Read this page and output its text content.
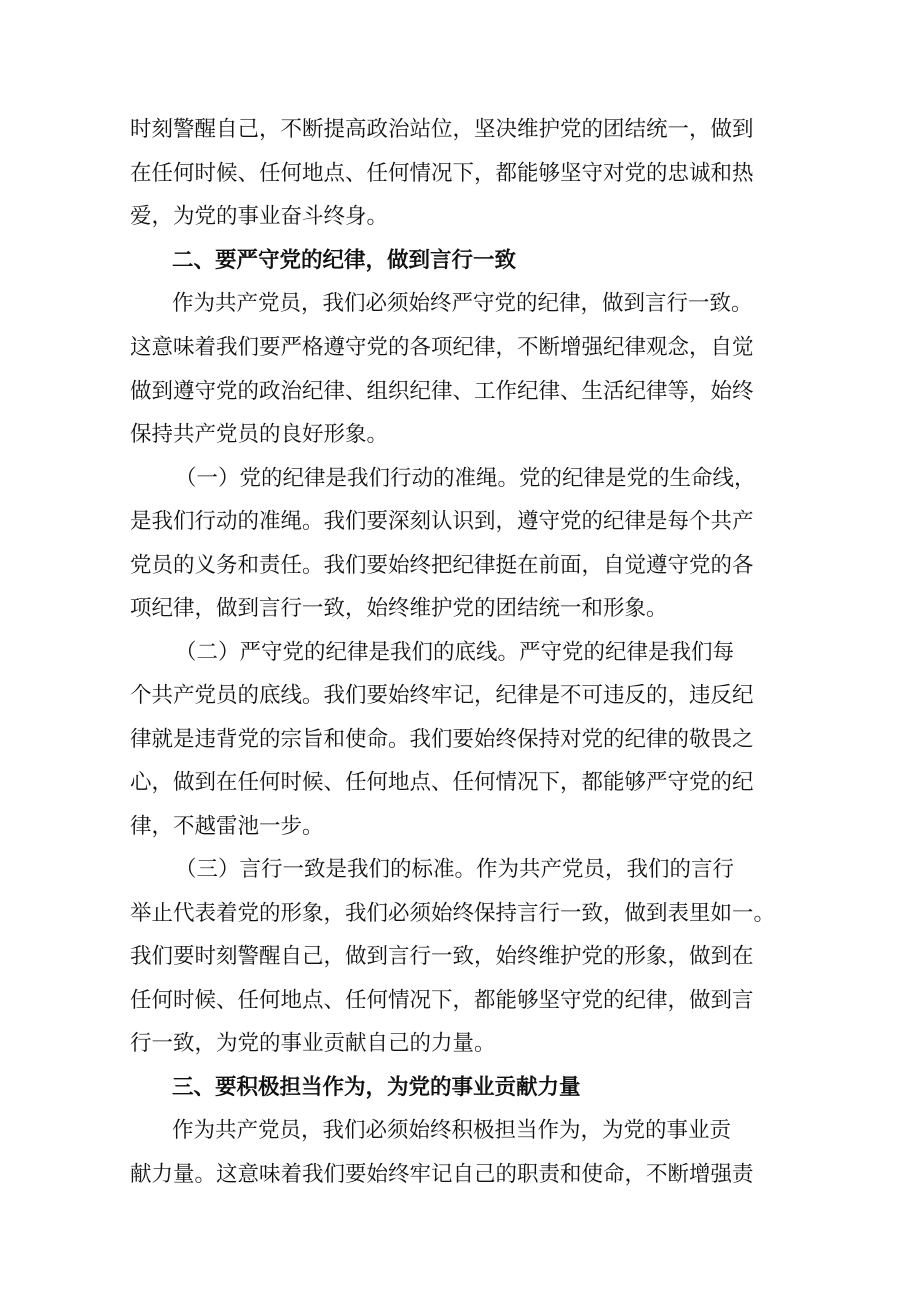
时刻警醒自己，不断提高政治站位，坚决维护党的团结统一，做到
在任何时候、任何地点、任何情况下，都能够坚守对党的忠诚和热
爱，为党的事业奋斗终身。
二、要严守党的纪律，做到言行一致
作为共产党员，我们必须始终严守党的纪律，做到言行一致。
这意味着我们要严格遵守党的各项纪律，不断增强纪律观念，自觉
做到遵守党的政治纪律、组织纪律、工作纪律、生活纪律等，始终
保持共产党员的良好形象。
（一）党的纪律是我们行动的准绳。党的纪律是党的生命线，
是我们行动的准绳。我们要深刻认识到，遵守党的纪律是每个共产
党员的义务和责任。我们要始终把纪律挺在前面，自觉遵守党的各
项纪律，做到言行一致，始终维护党的团结统一和形象。
（二）严守党的纪律是我们的底线。严守党的纪律是我们每
个共产党员的底线。我们要始终牢记，纪律是不可违反的，违反纪
律就是违背党的宗旨和使命。我们要始终保持对党的纪律的敬畏之
心，做到在任何时候、任何地点、任何情况下，都能够严守党的纪
律，不越雷池一步。
（三）言行一致是我们的标准。作为共产党员，我们的言行
举止代表着党的形象，我们必须始终保持言行一致，做到表里如一。
我们要时刻警醒自己，做到言行一致，始终维护党的形象，做到在
任何时候、任何地点、任何情况下，都能够坚守党的纪律，做到言
行一致，为党的事业贡献自己的力量。
三、要积极担当作为，为党的事业贡献力量
作为共产党员，我们必须始终积极担当作为，为党的事业贡
献力量。这意味着我们要始终牢记自己的职责和使命，不断增强责
